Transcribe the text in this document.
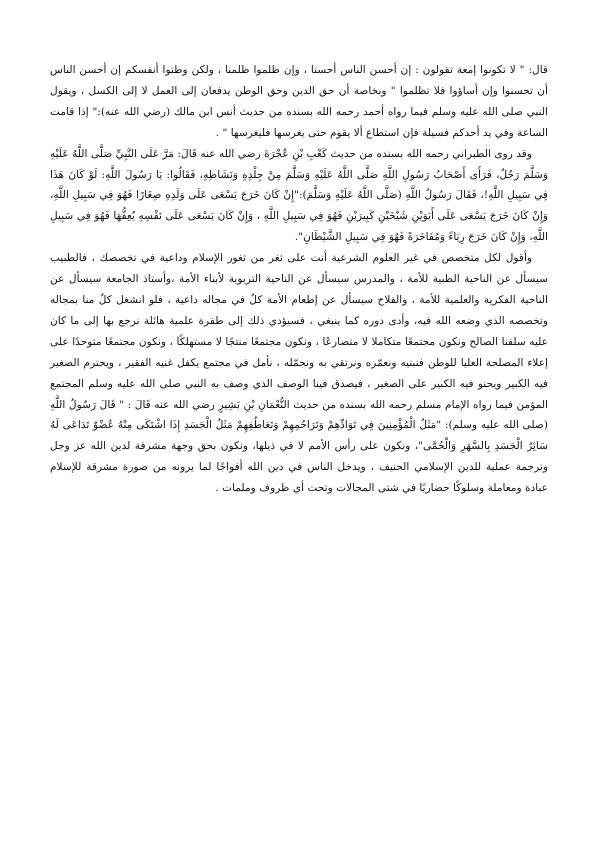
قال: " لا تكونوا إمعة تقولون : إن أحسن الناس أحسنا ، وإن ظلموا ظلمنا ، ولكن وطنوا أنفسكم إن أحسن الناس أن تحسنوا وإن أساؤوا فلا تظلموا " وبخاصة أن حق الدين وحق الوطن يدفعان إلى العمل لا إلى الكسل ، ويقول النبي صلى الله عليه وسلم فيما رواه أحمد رحمه الله بسنده من حديث أنس ابن مالك (رضي الله عنه):" إذا قامت الساعة وفي يد أحدكم فسيلة فإن استطاع ألا يقوم حتى يغرسها فليغرسها " .

وقد روى الطبراني رحمه الله بسنده من حديث كَعْبِ بْنِ عُجْرَةَ رضي الله عنه قَالَ: مَرَّ عَلَى النَّبِيِّ صَلَّى اللَّهُ عَلَيْهِ وَسَلَّمَ رَجُلٌ، فَرَأَى أَصْحَابُ رَسُولِ اللَّهِ صَلَّى اللَّهُ عَلَيْهِ وَسَلَّمَ مِنْ جِلْدِهِ وَنَشَاطِهِ، فَقَالُوا: يَا رَسُولَ اللَّهِ: لَوْ كَانَ هَذَا فِي سَبِيلِ اللَّهِ!، فَقَالَ رَسُولُ اللَّهِ (صَلَّى اللَّهُ عَلَيْهِ وَسَلَّمَ):"إِنْ كَانَ خَرَجَ يَسْعَى عَلَى وَلَدِهِ صِغَارًا فَهُوَ فِي سَبِيلِ اللَّهِ، وَإِنْ كَانَ خَرَجَ يَسْعَى عَلَى أَبَوَيْنِ شَيْخَيْنِ كَبِيرَيْنِ فَهُوَ فِي سَبِيلِ اللَّهِ ، وَإِنْ كَانَ يَسْعَى عَلَى نَفْسِهِ يُعِفُّهَا فَهُوَ فِي سَبِيلِ اللَّهِ، وَإِنْ كَانَ خَرَجَ رِيَاءً وَمُفَاخَرَةً فَهُوَ فِي سَبِيلِ الشَّيْطَانِ".

وأقول لكل متخصص في غير العلوم الشرعية أنت على ثغر من ثغور الإسلام وداعية في تخصصك ، فالطبيب سيسأل عن الناحية الطبية للأمة ، والمدرس سيسأل عن الناحية التربوية لأبناء الأمة ،وأستاذ الجامعة سيسأل عن الناحية الفكرية والعلمية للأمة ، والفلاح سيسأل عن إطعام الأمة كلٌ في مجاله داعية ، فلو انشغل كلٌ منا بمجاله وتخصصه الذي وضعه الله فيه، وأدى دوره كما ينبغي ، فسيؤدي ذلك إلى طفرة علمية هائلة نرجع بها إلى ما كان عليه سلفنا الصالح ونكون مجتمعًا متكاملا لا متصارعًا ، ونكون مجتمعًا منتجًا لا مستهلكًا ، ونكون مجتمعًا متوحدًا على إعلاء المصلحة العليا للوطن فنبنيه ونعمّره ونرتقي به ونجمّله ، نأمل في مجتمع يكفل غنيه الفقير ، ويحترم الصغير فيه الكبير ويحنو فيه الكبير على الصغير ، فيصدق فينا الوصف الذي وصف به النبي صلى الله عليه وسلم المجتمع المؤمن فيما رواه الإمام مسلم رحمه الله بسنده من حديث النُّعْمَانِ بْنِ بَشِيرٍ رضي الله عنه قَالَ : " قَالَ رَسُولُ اللَّهِ (صلى الله عليه وسلم): "مَثَلُ الْمُؤْمِنِينَ فِي تَوَادِّهِمْ وَتَرَاحُمِهِمْ وَتَعَاطُفِهِمْ مَثَلُ الْجَسَدِ إِذَا اشْتَكَى مِنْهُ عُضْوٌ تَدَاعَى لَهُ سَائِرُ الْجَسَدِ بِالسَّهَرِ وَالْحُمَّى"، ونكون على رأس الأمم لا في ذيلها، ونكون بحق وجهة مشرفة لدين الله عز وجل وترجمة عملية للدين الإسلامي الحنيف ، ويدخل الناس في دين الله أفواجًا لما يرونه من صورة مشرقة للإسلام عبادة ومعاملة وسلوكًا حضاريًا في شتى المجالات وتحت أي ظروف وملمات .
